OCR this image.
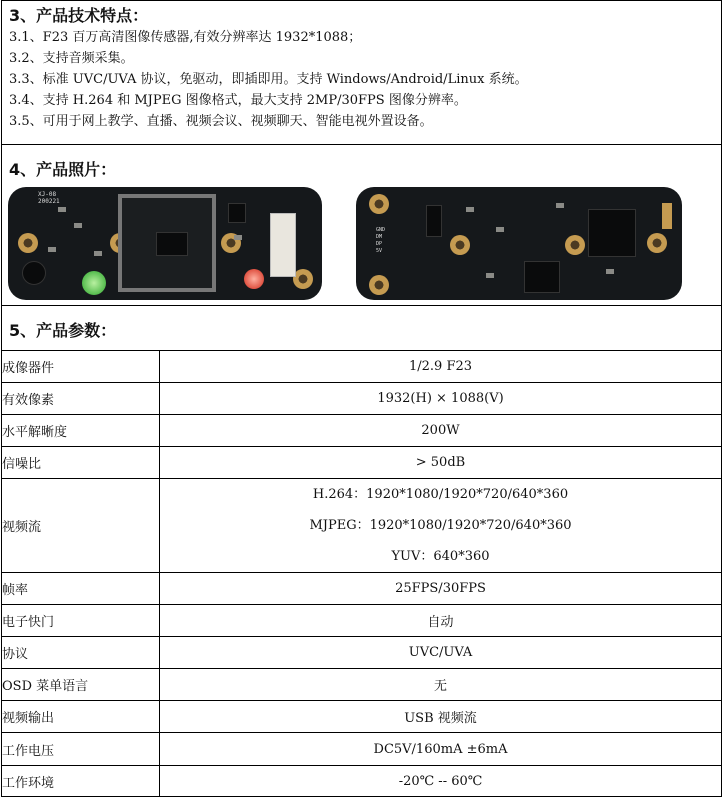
3、产品技术特点：
3.1、F23 百万高清图像传感器,有效分辨率达 1932*1088；
3.2、支持音频采集。
3.3、标准 UVC/UVA 协议，免驱动，即插即用。支持 Windows/Android/Linux 系统。
3.4、支持 H.264 和 MJPEG 图像格式，最大支持 2MP/30FPS 图像分辨率。
3.5、可用于网上教学、直播、视频会议、视频聊天、智能电视外置设备。
4、产品照片：
XJ-08
200221
GND
DM
DP
5V
5、产品参数：
成像器件	1/2.9 F23
有效像素	1932(H) × 1088(V)
水平解晰度	200W
信噪比	> 50dB
视频流	H.264：1920*1080/1920*720/640*360
MJPEG：1920*1080/1920*720/640*360
YUV：640*360

帧率	25FPS/30FPS
电子快门	自动
协议	UVC/UVA
OSD 菜单语言	无
视频输出	USB 视频流
工作电压	DC5V/160mA ±6mA
工作环境	-20℃ -- 60℃
